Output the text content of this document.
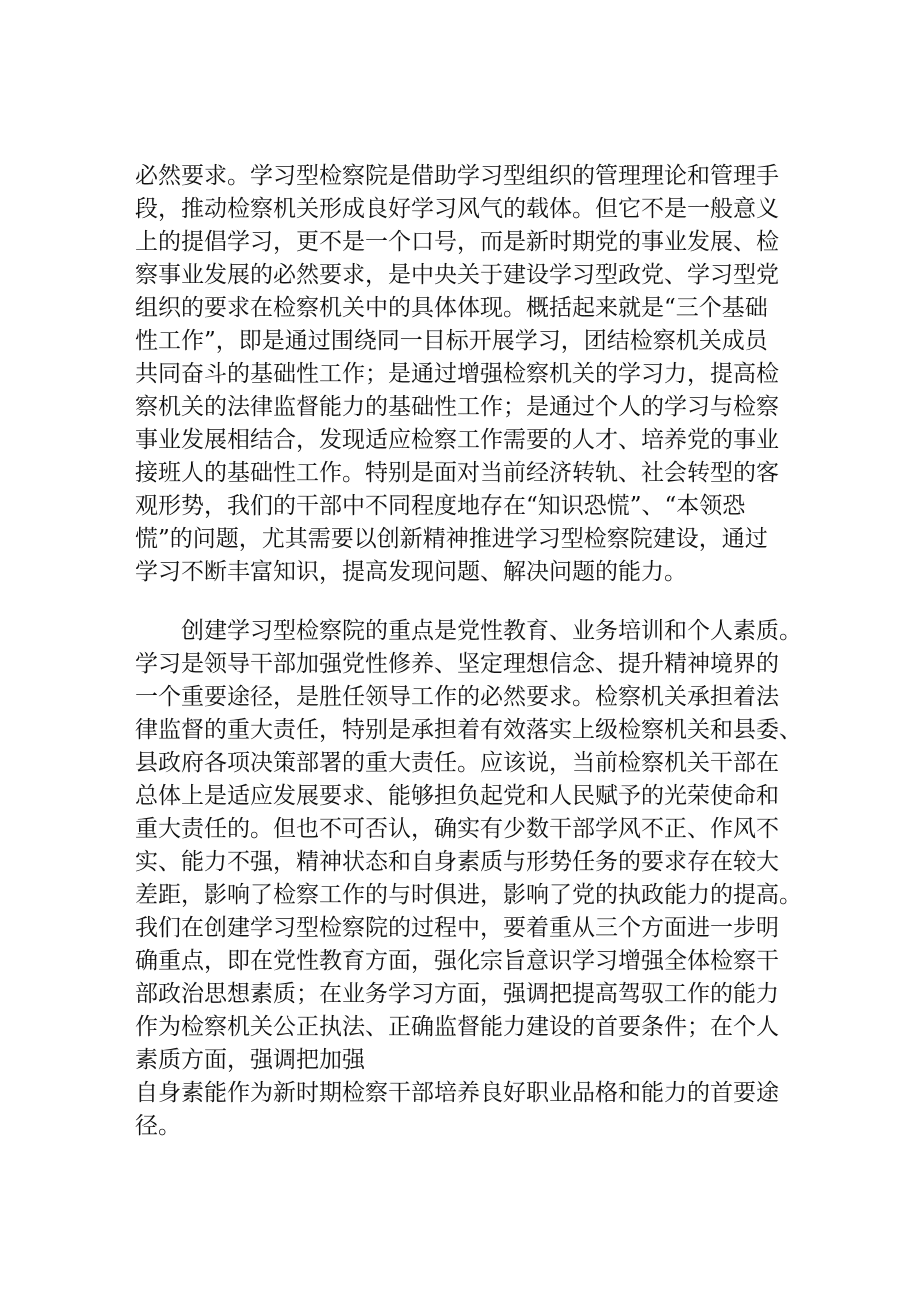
必然要求。学习型检察院是借助学习型组织的管理理论和管理手
段，推动检察机关形成良好学习风气的载体。但它不是一般意义
上的提倡学习，更不是一个口号，而是新时期党的事业发展、检
察事业发展的必然要求，是中央关于建设学习型政党、学习型党
组织的要求在检察机关中的具体体现。概括起来就是“三个基础
性工作”，即是通过围绕同一目标开展学习，团结检察机关成员
共同奋斗的基础性工作；是通过增强检察机关的学习力，提高检
察机关的法律监督能力的基础性工作；是通过个人的学习与检察
事业发展相结合，发现适应检察工作需要的人才、培养党的事业
接班人的基础性工作。特别是面对当前经济转轨、社会转型的客
观形势，我们的干部中不同程度地存在“知识恐慌”、“本领恐
慌”的问题，尤其需要以创新精神推进学习型检察院建设，通过
学习不断丰富知识，提高发现问题、解决问题的能力。
　　创建学习型检察院的重点是党性教育、业务培训和个人素质。
学习是领导干部加强党性修养、坚定理想信念、提升精神境界的
一个重要途径，是胜任领导工作的必然要求。检察机关承担着法
律监督的重大责任，特别是承担着有效落实上级检察机关和县委、
县政府各项决策部署的重大责任。应该说，当前检察机关干部在
总体上是适应发展要求、能够担负起党和人民赋予的光荣使命和
重大责任的。但也不可否认，确实有少数干部学风不正、作风不
实、能力不强，精神状态和自身素质与形势任务的要求存在较大
差距，影响了检察工作的与时俱进，影响了党的执政能力的提高。
我们在创建学习型检察院的过程中，要着重从三个方面进一步明
确重点，即在党性教育方面，强化宗旨意识学习增强全体检察干
部政治思想素质；在业务学习方面，强调把提高驾驭工作的能力
作为检察机关公正执法、正确监督能力建设的首要条件；在个人
素质方面，强调把加强
自身素能作为新时期检察干部培养良好职业品格和能力的首要途
径。
